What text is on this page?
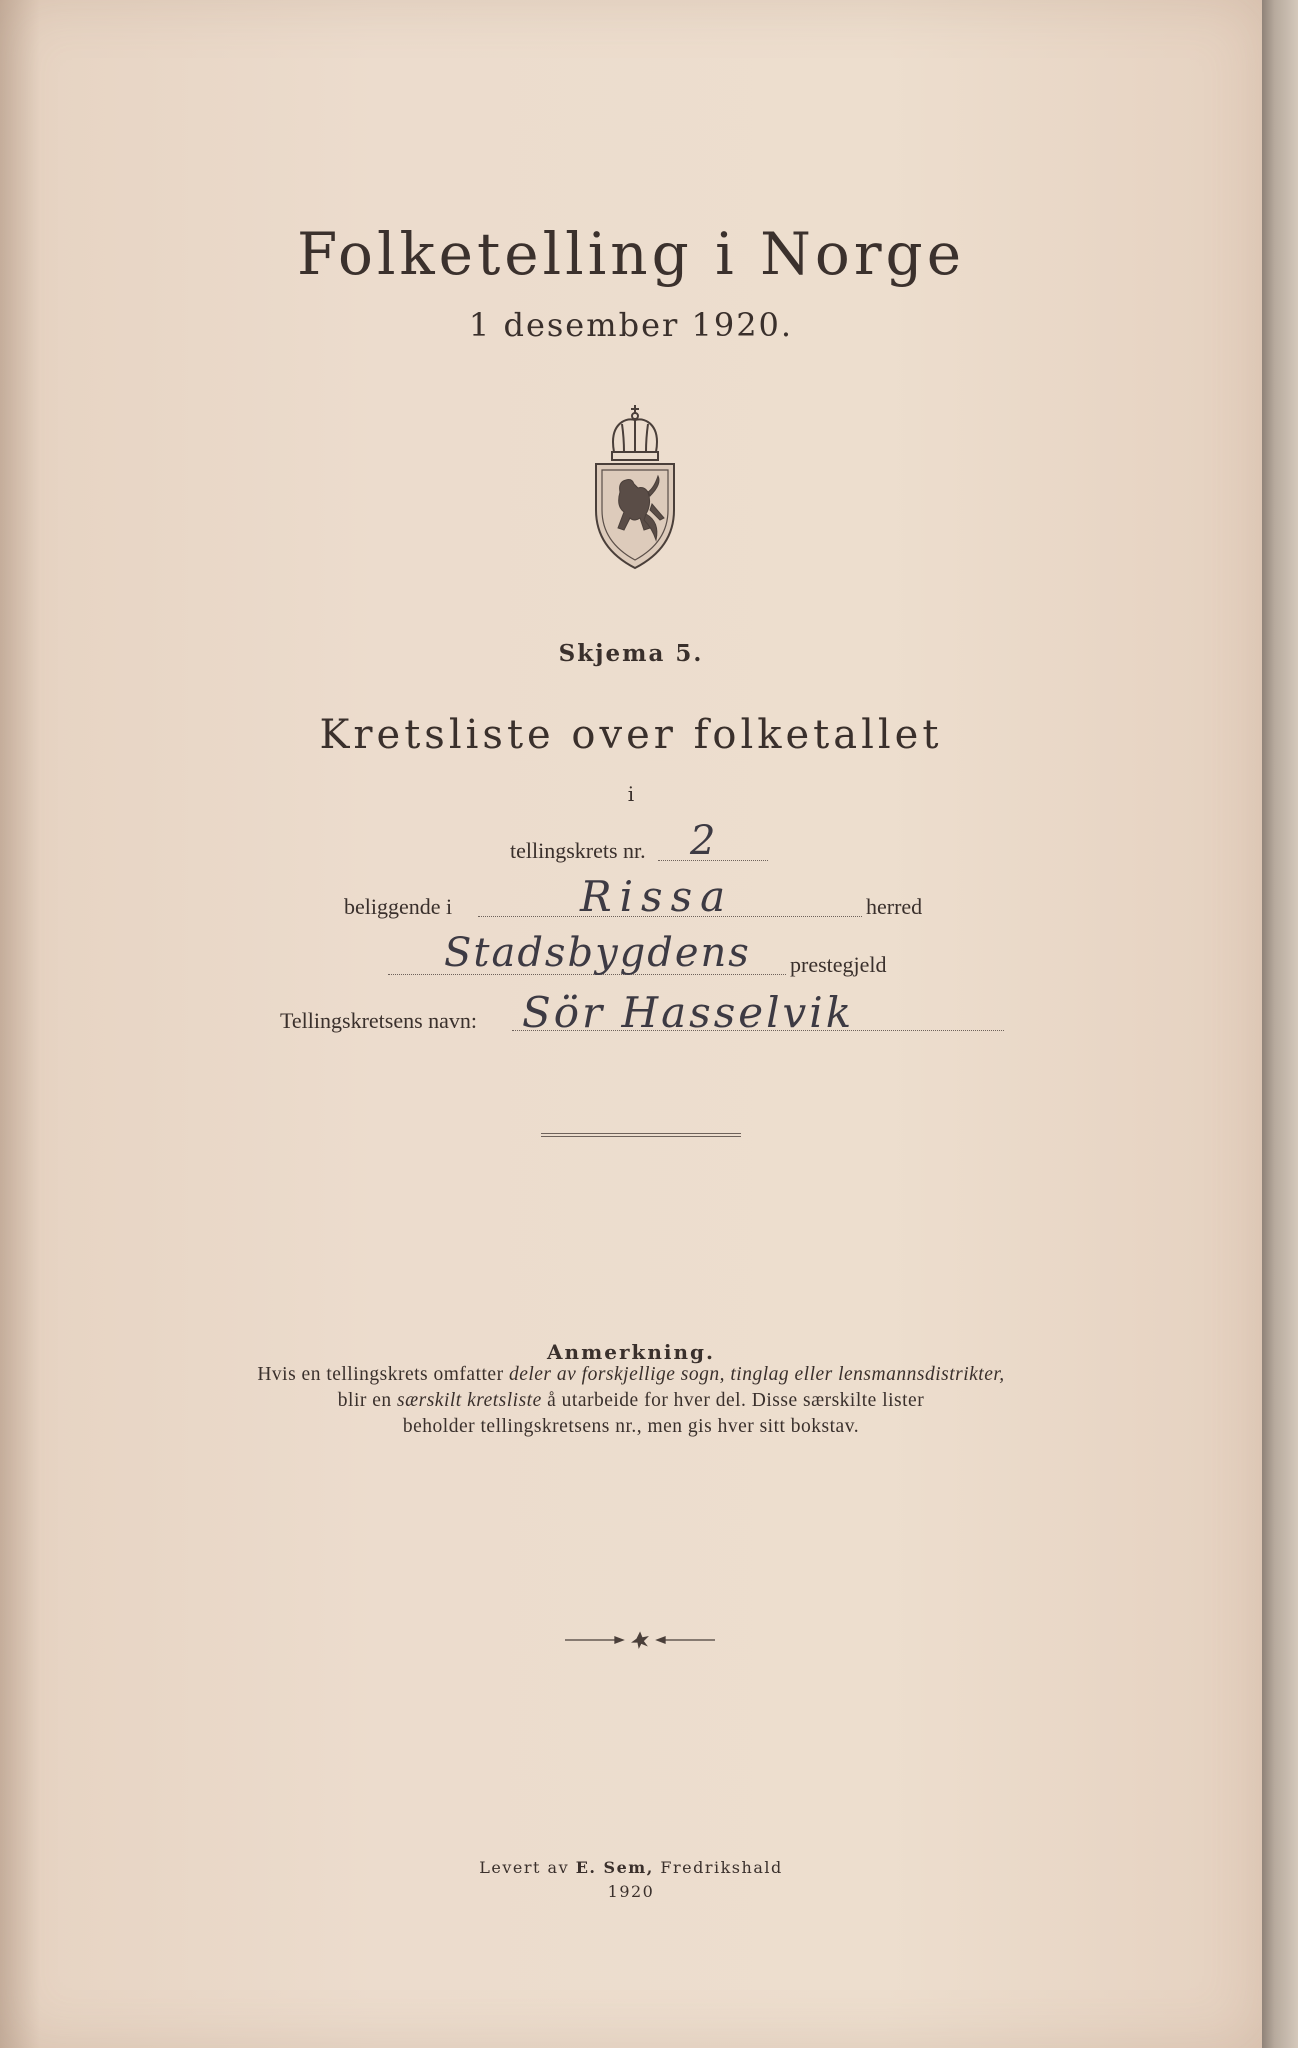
Folketelling i Norge
1 desember 1920.
Skjema 5.
Kretsliste over folketallet
i
tellingskrets nr. 2
beliggende i	Rissa	herred
Stadsbygdens prestegjeld
Tellingskretsens navn: Sör Hasselvik
Anmerkning.
Hvis en tellingskrets omfatter deler av forskjellige sogn, tinglag eller lensmannsdistrikter,
blir en særskilt kretsliste å utarbeide for hver del. Disse særskilte lister
beholder tellingskretsens nr., men gis hver sitt bokstav.
Levert av E. Sem, Fredrikshald
1920
